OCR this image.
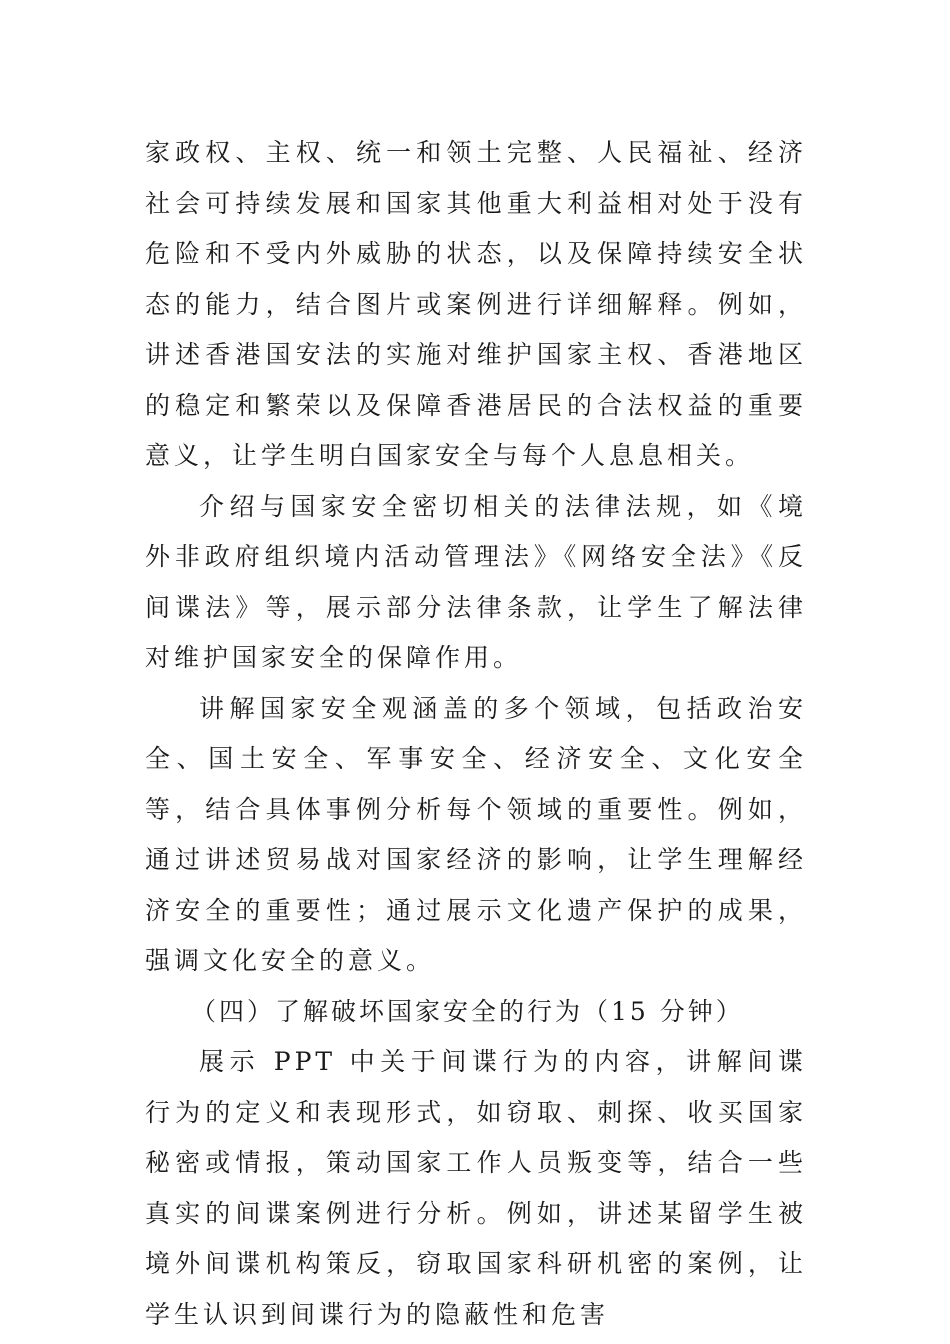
家政权、主权、统一和领土完整、人民福祉、经济社会可持续发展和国家其他重大利益相对处于没有危险和不受内外威胁的状态，以及保障持续安全状态的能力，结合图片或案例进行详细解释。例如，讲述香港国安法的实施对维护国家主权、香港地区的稳定和繁荣以及保障香港居民的合法权益的重要意义，让学生明白国家安全与每个人息息相关。

介绍与国家安全密切相关的法律法规，如《境外非政府组织境内活动管理法》《网络安全法》《反间谍法》等，展示部分法律条款，让学生了解法律对维护国家安全的保障作用。

讲解国家安全观涵盖的多个领域，包括政治安全、国土安全、军事安全、经济安全、文化安全等，结合具体事例分析每个领域的重要性。例如，通过讲述贸易战对国家经济的影响，让学生理解经济安全的重要性；通过展示文化遗产保护的成果，强调文化安全的意义。

（四）了解破坏国家安全的行为（15 分钟）

展示 PPT 中关于间谍行为的内容，讲解间谍行为的定义和表现形式，如窃取、刺探、收买国家秘密或情报，策动国家工作人员叛变等，结合一些真实的间谍案例进行分析。例如，讲述某留学生被境外间谍机构策反，窃取国家科研机密的案例，让学生认识到间谍行为的隐蔽性和危害
